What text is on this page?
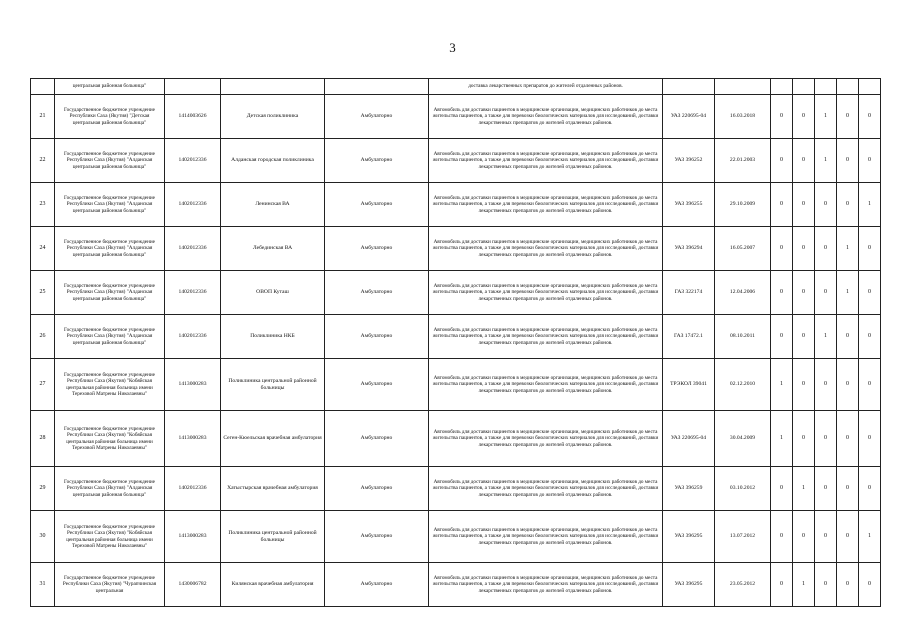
3
	центральная районная больница"				доставка лекарственных препаратов до жителей отдаленных районов.							
21	Государственное бюджетное учреждение Республики Саха (Якутия) "Детская центральная районная больница"	1414003626	Детская поликлиника	Амбулаторно	Автомобиль для доставки пациентов в медицинские организации, медицинских работников до места жительства пациентов, а также для перевозки биологических материалов для исследований, доставки лекарственных препаратов до жителей отдаленных районов.	УАЗ 220695-04	16.03.2018	0	0	1	0	0
22	Государственное бюджетное учреждение Республики Саха (Якутия) "Алданская центральная районная больница"	1402012336	Алданская городская поликлиника	Амбулаторно	Автомобиль для доставки пациентов в медицинские организации, медицинских работников до места жительства пациентов, а также для перевозки биологических материалов для исследований, доставки лекарственных препаратов до жителей отдаленных районов.	УАЗ 396252	22.01.2003	0	0	1	0	0
23	Государственное бюджетное учреждение Республики Саха (Якутия) "Алданская центральная районная больница"	1402012336	Ленинская ВА	Амбулаторно	Автомобиль для доставки пациентов в медицинские организации, медицинских работников до места жительства пациентов, а также для перевозки биологических материалов для исследований, доставки лекарственных препаратов до жителей отдаленных районов.	УАЗ 396255	29.10.2009	0	0	0	0	1
24	Государственное бюджетное учреждение Республики Саха (Якутия) "Алданская центральная районная больница"	1402012336	Лебединская ВА	Амбулаторно	Автомобиль для доставки пациентов в медицинские организации, медицинских работников до места жительства пациентов, а также для перевозки биологических материалов для исследований, доставки лекарственных препаратов до жителей отдаленных районов.	УАЗ 396294	16.05.2007	0	0	0	1	0
25	Государственное бюджетное учреждение Республики Саха (Якутия) "Алданская центральная районная больница"	1402012336	ОВОП Куташ	Амбулаторно	Автомобиль для доставки пациентов в медицинские организации, медицинских работников до места жительства пациентов, а также для перевозки биологических материалов для исследований, доставки лекарственных препаратов до жителей отдаленных районов.	ГАЗ 322174	12.04.2006	0	0	0	1	0
26	Государственное бюджетное учреждение Республики Саха (Якутия) "Алданская центральная районная больница"	1402012336	Поликлиника НКБ	Амбулаторно	Автомобиль для доставки пациентов в медицинские организации, медицинских работников до места жительства пациентов, а также для перевозки биологических материалов для исследований, доставки лекарственных препаратов до жителей отдаленных районов.	ГАЗ 17472.1	08.10.2011	0	0	1	0	0
27	Государственное бюджетное учреждение Республики Саха (Якутия) "Кобяйская центральная районная больница имени Тереховой Матрены Николаевны"	1413000283	Поликлиника центральной районной больницы	Амбулаторно	Автомобиль для доставки пациентов в медицинские организации, медицинских работников до места жительства пациентов, а также для перевозки биологических материалов для исследований, доставки лекарственных препаратов до жителей отдаленных районов.	ТРЭКОЛ 39041	02.12.2010	1	0	0	0	0
28	Государственное бюджетное учреждение Республики Саха (Якутия) "Кобяйская центральная районная больница имени Тереховой Матрены Николаевны"	1413000283	Сеген-Кюельская врачебная амбулатория	Амбулаторно	Автомобиль для доставки пациентов в медицинские организации, медицинских работников до места жительства пациентов, а также для перевозки биологических материалов для исследований, доставки лекарственных препаратов до жителей отдаленных районов.	УАЗ 220695-04	30.04.2009	1	0	0	0	0
29	Государственное бюджетное учреждение Республики Саха (Якутия) "Алданская центральная районная больница"	1402012336	Хатыстырская врачебная амбулатория	Амбулаторно	Автомобиль для доставки пациентов в медицинские организации, медицинских работников до места жительства пациентов, а также для перевозки биологических материалов для исследований, доставки лекарственных препаратов до жителей отдаленных районов.	УАЗ 396259	03.10.2012	0	1	0	0	0
30	Государственное бюджетное учреждение Республики Саха (Якутия) "Кобяйская центральная районная больница имени Тереховой Матрены Николаевны"	1413000283	Поликлиника центральной районной больницы	Амбулаторно	Автомобиль для доставки пациентов в медицинские организации, медицинских работников до места жительства пациентов, а также для перевозки биологических материалов для исследований, доставки лекарственных препаратов до жителей отдаленных районов.	УАЗ 396295	13.07.2012	0	0	0	0	1
31	Государственное бюджетное учреждение Республики Саха (Якутия) "Чурапчинская центральная	1430006782	Килянская врачебная амбулатория	Амбулаторно	Автомобиль для доставки пациентов в медицинские организации, медицинских работников до места жительства пациентов, а также для перевозки биологических материалов для исследований, доставки лекарственных препаратов до жителей отдаленных районов.	УАЗ 396295	23.05.2012	0	1	0	0	0
